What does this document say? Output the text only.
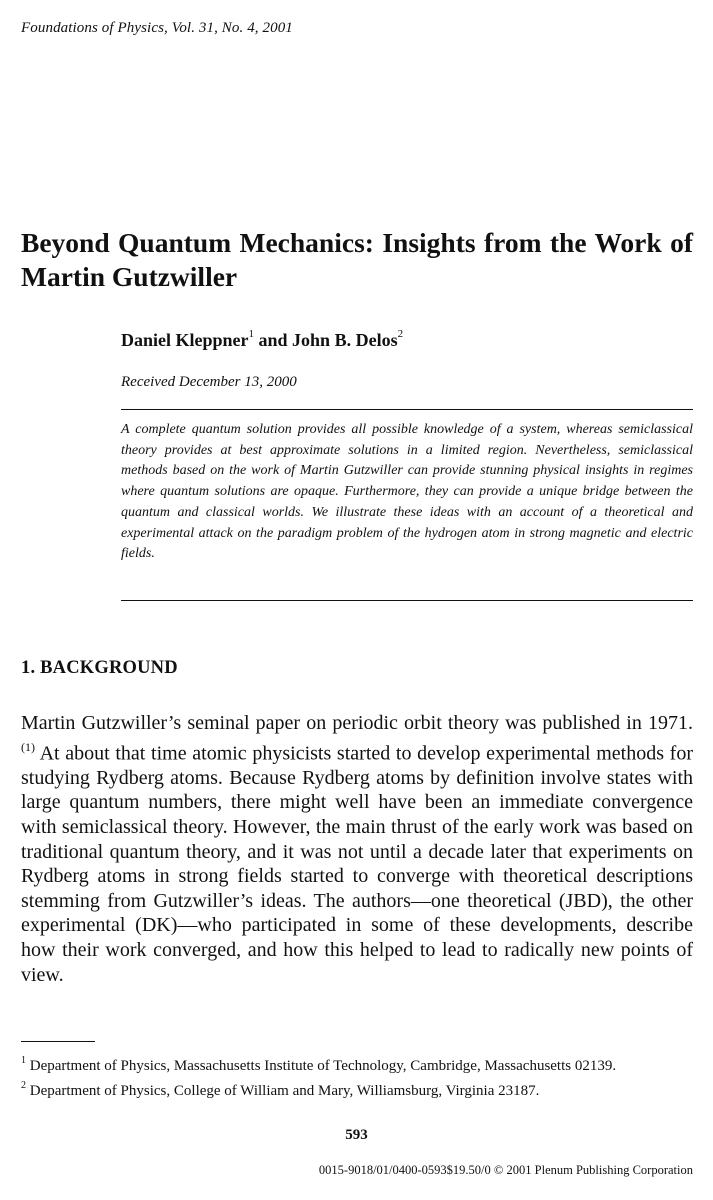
Foundations of Physics, Vol. 31, No. 4, 2001
Beyond Quantum Mechanics: Insights from the Work of Martin Gutzwiller
Daniel Kleppner$^1$ and John B. Delos$^2$
Received December 13, 2000
A complete quantum solution provides all possible knowledge of a system, whereas semiclassical theory provides at best approximate solutions in a limited region. Nevertheless, semiclassical methods based on the work of Martin Gutzwiller can provide stunning physical insights in regimes where quantum solutions are opaque. Furthermore, they can provide a unique bridge between the quantum and classical worlds. We illustrate these ideas with an account of a theoretical and experimental attack on the paradigm problem of the hydrogen atom in strong magnetic and electric fields.
1. BACKGROUND
Martin Gutzwiller’s seminal paper on periodic orbit theory was published in 1971.$^{(1)}$ At about that time atomic physicists started to develop experimental methods for studying Rydberg atoms. Because Rydberg atoms by definition involve states with large quantum numbers, there might well have been an immediate convergence with semiclassical theory. However, the main thrust of the early work was based on traditional quantum theory, and it was not until a decade later that experiments on Rydberg atoms in strong fields started to converge with theoretical descriptions stemming from Gutzwiller’s ideas. The authors—one theoretical (JBD), the other experimental (DK)—who participated in some of these developments, describe how their work converged, and how this helped to lead to radically new points of view.
$^1$ Department of Physics, Massachusetts Institute of Technology, Cambridge, Massachusetts 02139.
$^2$ Department of Physics, College of William and Mary, Williamsburg, Virginia 23187.
593
0015-9018/01/0400-0593$19.50/0 © 2001 Plenum Publishing Corporation
